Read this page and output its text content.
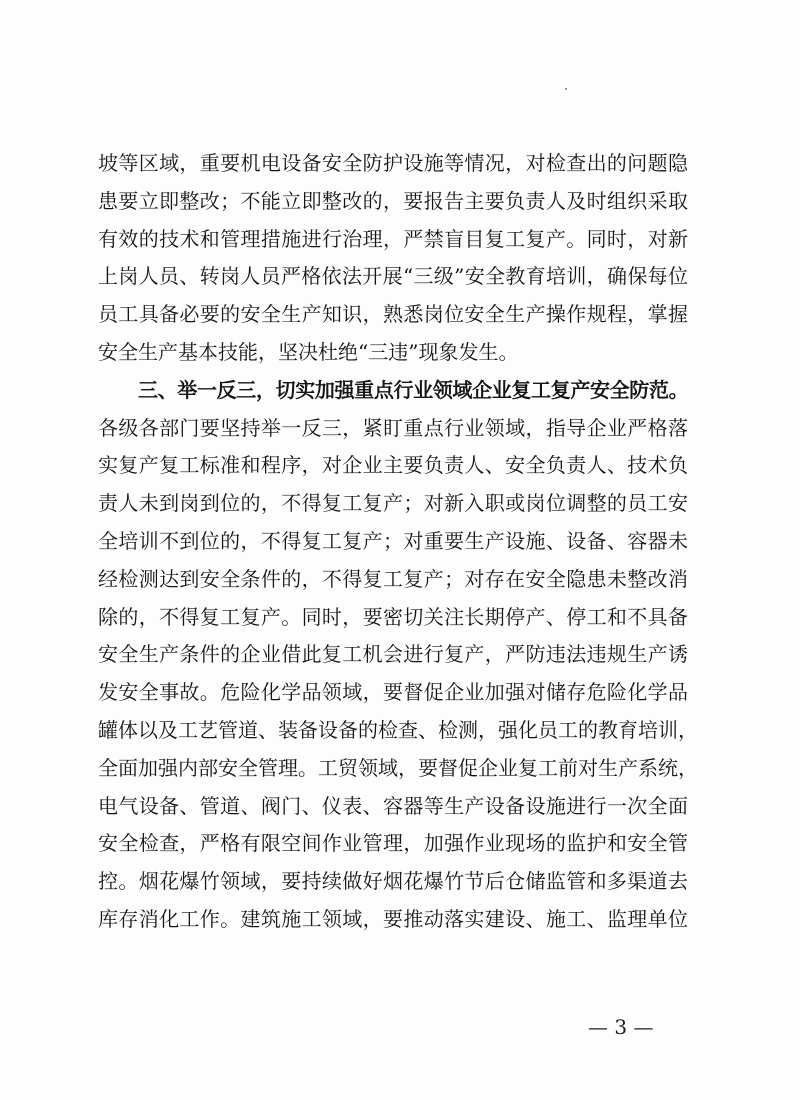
坡等区域，重要机电设备安全防护设施等情况，对检查出的问题隐
患要立即整改；不能立即整改的，要报告主要负责人及时组织采取
有效的技术和管理措施进行治理，严禁盲目复工复产。同时，对新
上岗人员、转岗人员严格依法开展“三级”安全教育培训，确保每位
员工具备必要的安全生产知识，熟悉岗位安全生产操作规程，掌握
安全生产基本技能，坚决杜绝“三违”现象发生。
三、举一反三，切实加强重点行业领域企业复工复产安全防范。
各级各部门要坚持举一反三，紧盯重点行业领域，指导企业严格落
实复产复工标准和程序，对企业主要负责人、安全负责人、技术负
责人未到岗到位的，不得复工复产；对新入职或岗位调整的员工安
全培训不到位的，不得复工复产；对重要生产设施、设备、容器未
经检测达到安全条件的，不得复工复产；对存在安全隐患未整改消
除的，不得复工复产。同时，要密切关注长期停产、停工和不具备
安全生产条件的企业借此复工机会进行复产，严防违法违规生产诱
发安全事故。危险化学品领域，要督促企业加强对储存危险化学品
罐体以及工艺管道、装备设备的检查、检测，强化员工的教育培训，
全面加强内部安全管理。工贸领域，要督促企业复工前对生产系统，
电气设备、管道、阀门、仪表、容器等生产设备设施进行一次全面
安全检查，严格有限空间作业管理，加强作业现场的监护和安全管
控。烟花爆竹领域，要持续做好烟花爆竹节后仓储监管和多渠道去
库存消化工作。建筑施工领域，要推动落实建设、施工、监理单位
— 3 —
